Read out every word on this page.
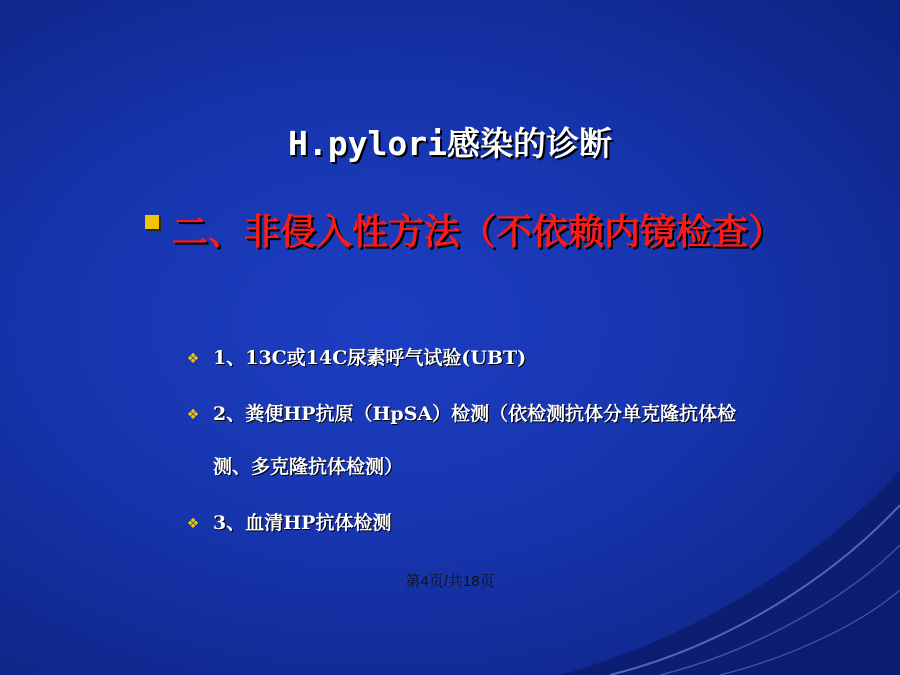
H.pylori感染的诊断
二、非侵入性方法（不依赖内镜检查）
❖ 1、13C或14C尿素呼气试验(UBT)
❖ 2、粪便HP抗原（HpSA）检测（依检测抗体分单克隆抗体检测、多克隆抗体检测）
❖ 3、血清HP抗体检测
第4页/共18页
